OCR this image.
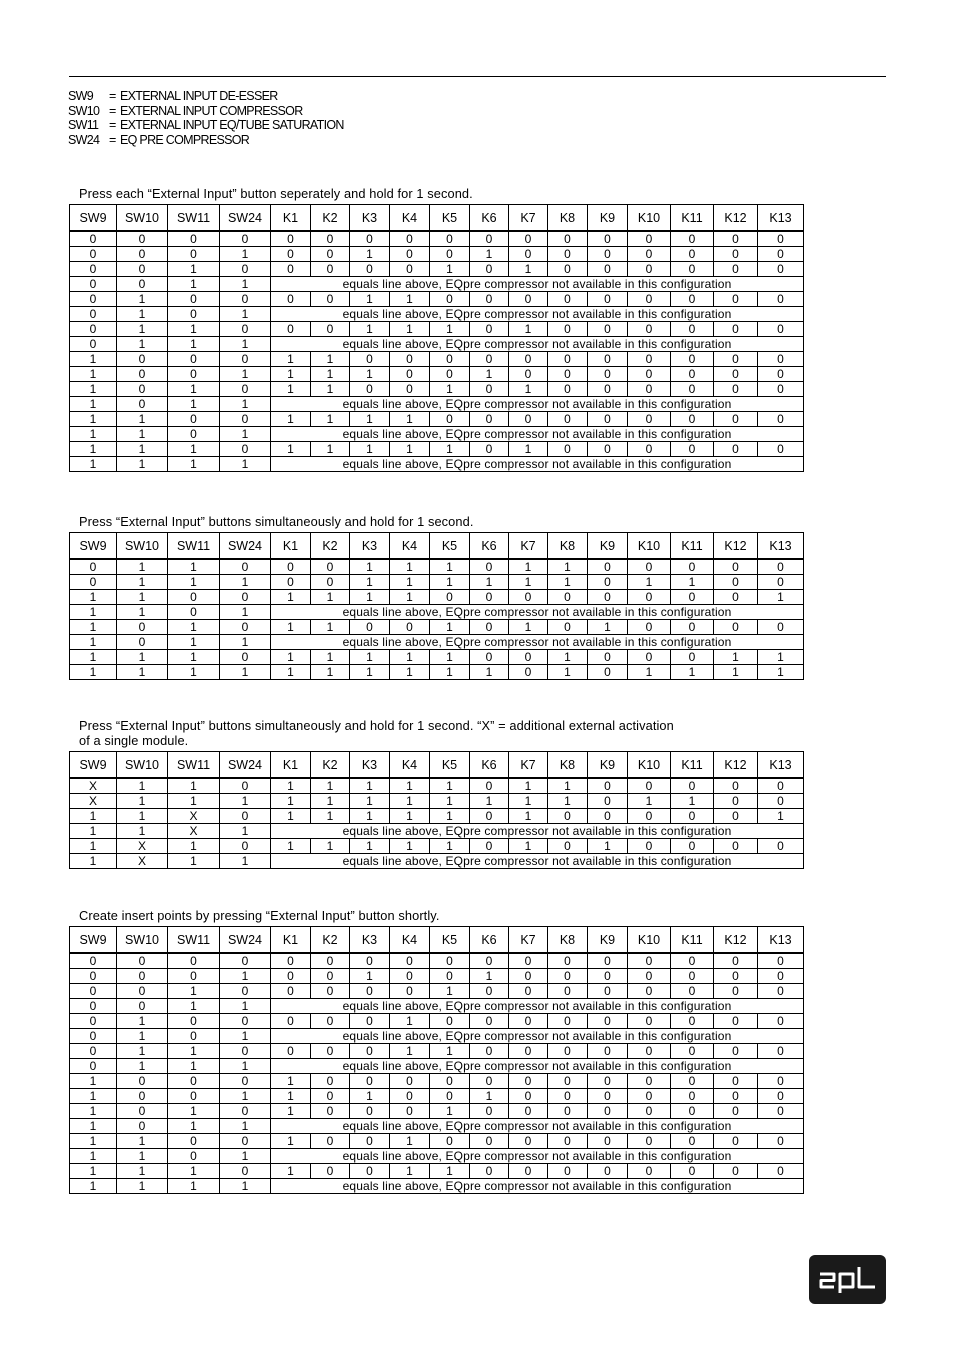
SW9	= EXTERNAL INPUT DE-ESSER
SW10 = EXTERNAL INPUT COMPRESSOR
SW11 = EXTERNAL INPUT EQ/TUBE SATURATION
SW24 = EQ PRE COMPRESSOR
Press each “External Input” button seperately and hold for 1 second.
SW9	SW10	SW11	SW24	K1	K2	K3	K4	K5	K6	K7	K8	K9	K10	K11	K12	K13
0	0	0	0	0	0	0	0	0	0	0	0	0	0	0	0	0
0	0	0	1	0	0	1	0	0	1	0	0	0	0	0	0	0
0	0	1	0	0	0	0	0	1	0	1	0	0	0	0	0	0
0	0	1	1	equals line above, EQpre compressor not available in this configuration												
0	1	0	0	0	0	1	1	0	0	0	0	0	0	0	0	0
0	1	0	1	equals line above, EQpre compressor not available in this configuration												
0	1	1	0	0	0	1	1	1	0	1	0	0	0	0	0	0
0	1	1	1	equals line above, EQpre compressor not available in this configuration												
1	0	0	0	1	1	0	0	0	0	0	0	0	0	0	0	0
1	0	0	1	1	1	1	0	0	1	0	0	0	0	0	0	0
1	0	1	0	1	1	0	0	1	0	1	0	0	0	0	0	0
1	0	1	1	equals line above, EQpre compressor not available in this configuration												
1	1	0	0	1	1	1	1	0	0	0	0	0	0	0	0	0
1	1	0	1	equals line above, EQpre compressor not available in this configuration												
1	1	1	0	1	1	1	1	1	0	1	0	0	0	0	0	0
1	1	1	1	equals line above, EQpre compressor not available in this configuration												
Press “External Input” buttons simultaneously and hold for 1 second.
SW9	SW10	SW11	SW24	K1	K2	K3	K4	K5	K6	K7	K8	K9	K10	K11	K12	K13
0	1	1	0	0	0	1	1	1	0	1	1	0	0	0	0	0
0	1	1	1	0	0	1	1	1	1	1	1	0	1	1	0	0
1	1	0	0	1	1	1	1	0	0	0	0	0	0	0	0	1
1	1	0	1	equals line above, EQpre compressor not available in this configuration												
1	0	1	0	1	1	0	0	1	0	1	0	1	0	0	0	0
1	0	1	1	equals line above, EQpre compressor not available in this configuration												
1	1	1	0	1	1	1	1	1	0	0	1	0	0	0	1	1
1	1	1	1	1	1	1	1	1	1	0	1	0	1	1	1	1
Press “External Input” buttons simultaneously and hold for 1 second. “X” = additional external activation
of a single module.
SW9	SW10	SW11	SW24	K1	K2	K3	K4	K5	K6	K7	K8	K9	K10	K11	K12	K13
X	1	1	0	1	1	1	1	1	0	1	1	0	0	0	0	0
X	1	1	1	1	1	1	1	1	1	1	1	0	1	1	0	0
1	1	X	0	1	1	1	1	1	0	1	0	0	0	0	0	1
1	1	X	1	equals line above, EQpre compressor not available in this configuration												
1	X	1	0	1	1	1	1	1	0	1	0	1	0	0	0	0
1	X	1	1	equals line above, EQpre compressor not available in this configuration												
Create insert points by pressing “External Input” button shortly.
SW9	SW10	SW11	SW24	K1	K2	K3	K4	K5	K6	K7	K8	K9	K10	K11	K12	K13
0	0	0	0	0	0	0	0	0	0	0	0	0	0	0	0	0
0	0	0	1	0	0	1	0	0	1	0	0	0	0	0	0	0
0	0	1	0	0	0	0	0	1	0	0	0	0	0	0	0	0
0	0	1	1	equals line above, EQpre compressor not available in this configuration												
0	1	0	0	0	0	0	1	0	0	0	0	0	0	0	0	0
0	1	0	1	equals line above, EQpre compressor not available in this configuration												
0	1	1	0	0	0	0	1	1	0	0	0	0	0	0	0	0
0	1	1	1	equals line above, EQpre compressor not available in this configuration												
1	0	0	0	1	0	0	0	0	0	0	0	0	0	0	0	0
1	0	0	1	1	0	1	0	0	1	0	0	0	0	0	0	0
1	0	1	0	1	0	0	0	1	0	0	0	0	0	0	0	0
1	0	1	1	equals line above, EQpre compressor not available in this configuration												
1	1	0	0	1	0	0	1	0	0	0	0	0	0	0	0	0
1	1	0	1	equals line above, EQpre compressor not available in this configuration												
1	1	1	0	1	0	0	1	1	0	0	0	0	0	0	0	0
1	1	1	1	equals line above, EQpre compressor not available in this configuration												
